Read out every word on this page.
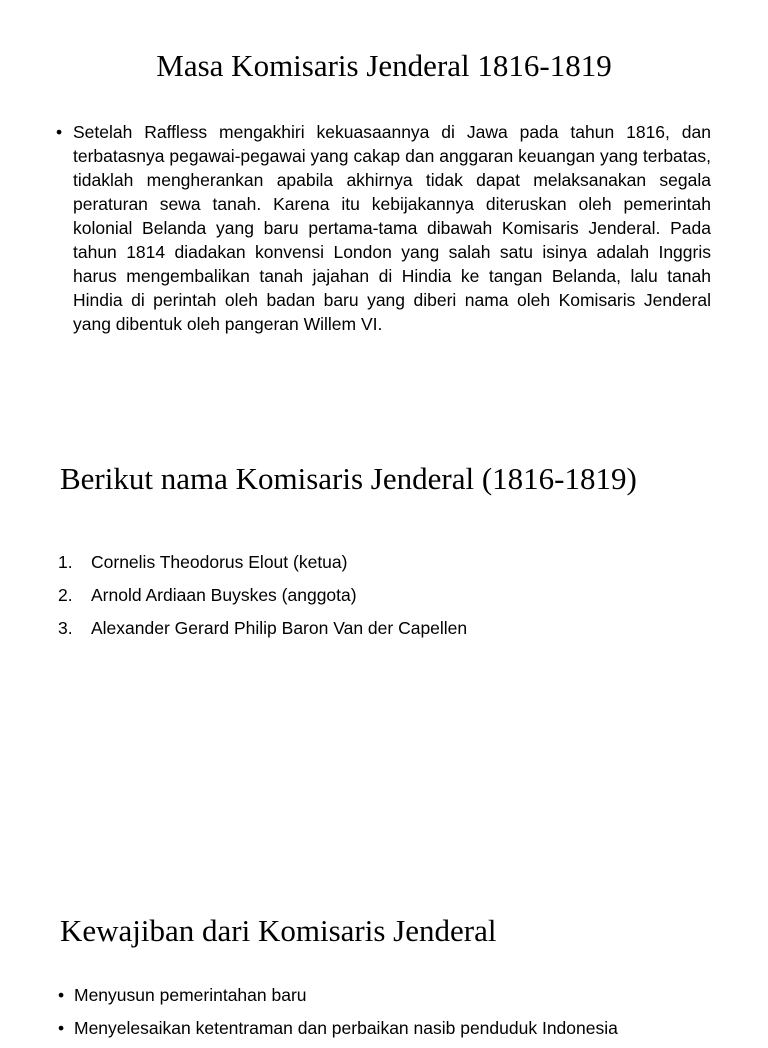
Masa Komisaris Jenderal 1816-1819
• Setelah Raffless mengakhiri kekuasaannya di Jawa pada tahun 1816, dan terbatasnya pegawai-pegawai yang cakap dan anggaran keuangan yang terbatas, tidaklah mengherankan apabila akhirnya tidak dapat melaksanakan segala peraturan sewa tanah. Karena itu kebijakannya diteruskan oleh pemerintah kolonial Belanda yang baru pertama-tama dibawah Komisaris Jenderal. Pada tahun 1814 diadakan konvensi London yang salah satu isinya adalah Inggris harus mengembalikan tanah jajahan di Hindia ke tangan Belanda, lalu tanah Hindia di perintah oleh badan baru yang diberi nama oleh Komisaris Jenderal yang dibentuk oleh pangeran Willem VI.

Berikut nama Komisaris Jenderal (1816-1819)
1.	Cornelis Theodorus Elout (ketua)
2.	Arnold Ardiaan Buyskes (anggota)
3.	Alexander Gerard Philip Baron Van der Capellen
Kewajiban dari Komisaris Jenderal
• Menyusun pemerintahan baru
• Menyelesaikan ketentraman dan perbaikan nasib penduduk Indonesia
